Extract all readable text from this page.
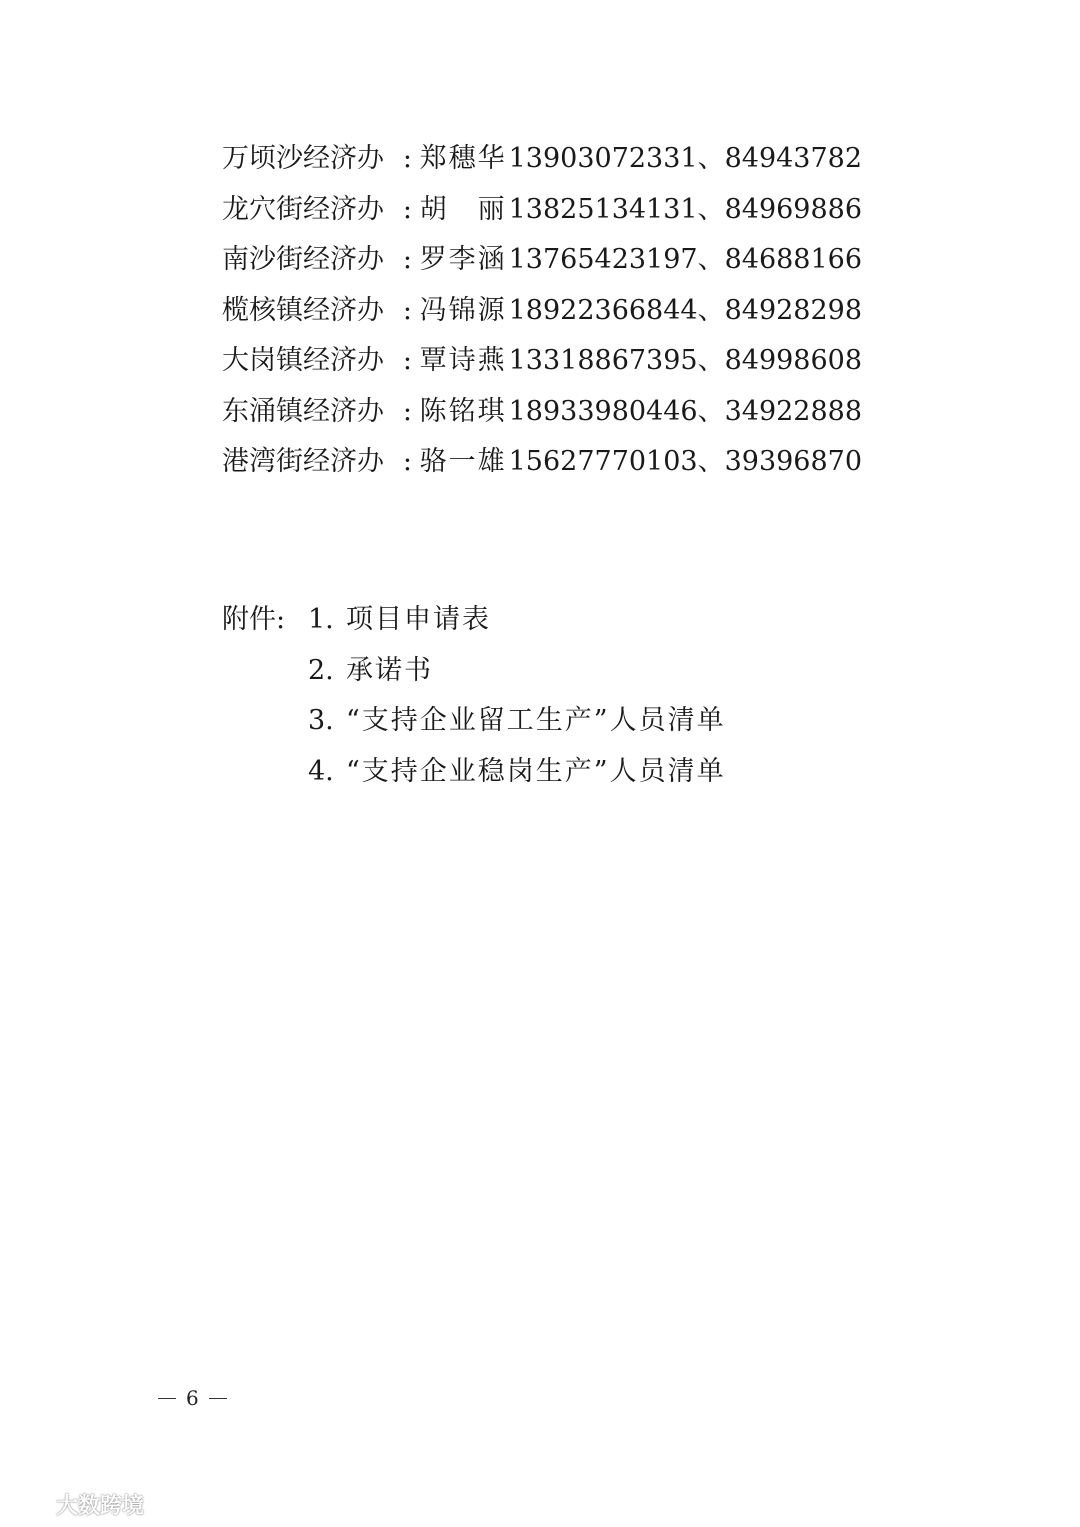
万顷沙经济办 : 郑穗华 13903072331、84943782
龙穴街经济办 : 胡　丽 13825134131、84969886
南沙街经济办 : 罗李涵 13765423197、84688166
榄核镇经济办 : 冯锦源 18922366844、84928298
大岗镇经济办 : 覃诗燕 13318867395、84998608
东涌镇经济办 : 陈铭琪 18933980446、34922888
港湾街经济办 : 骆一雄 15627770103、39396870
附件: 1. 项目申请表
2. 承诺书
3. “支持企业留工生产”人员清单
4. “支持企业稳岗生产”人员清单
6
大数跨境
